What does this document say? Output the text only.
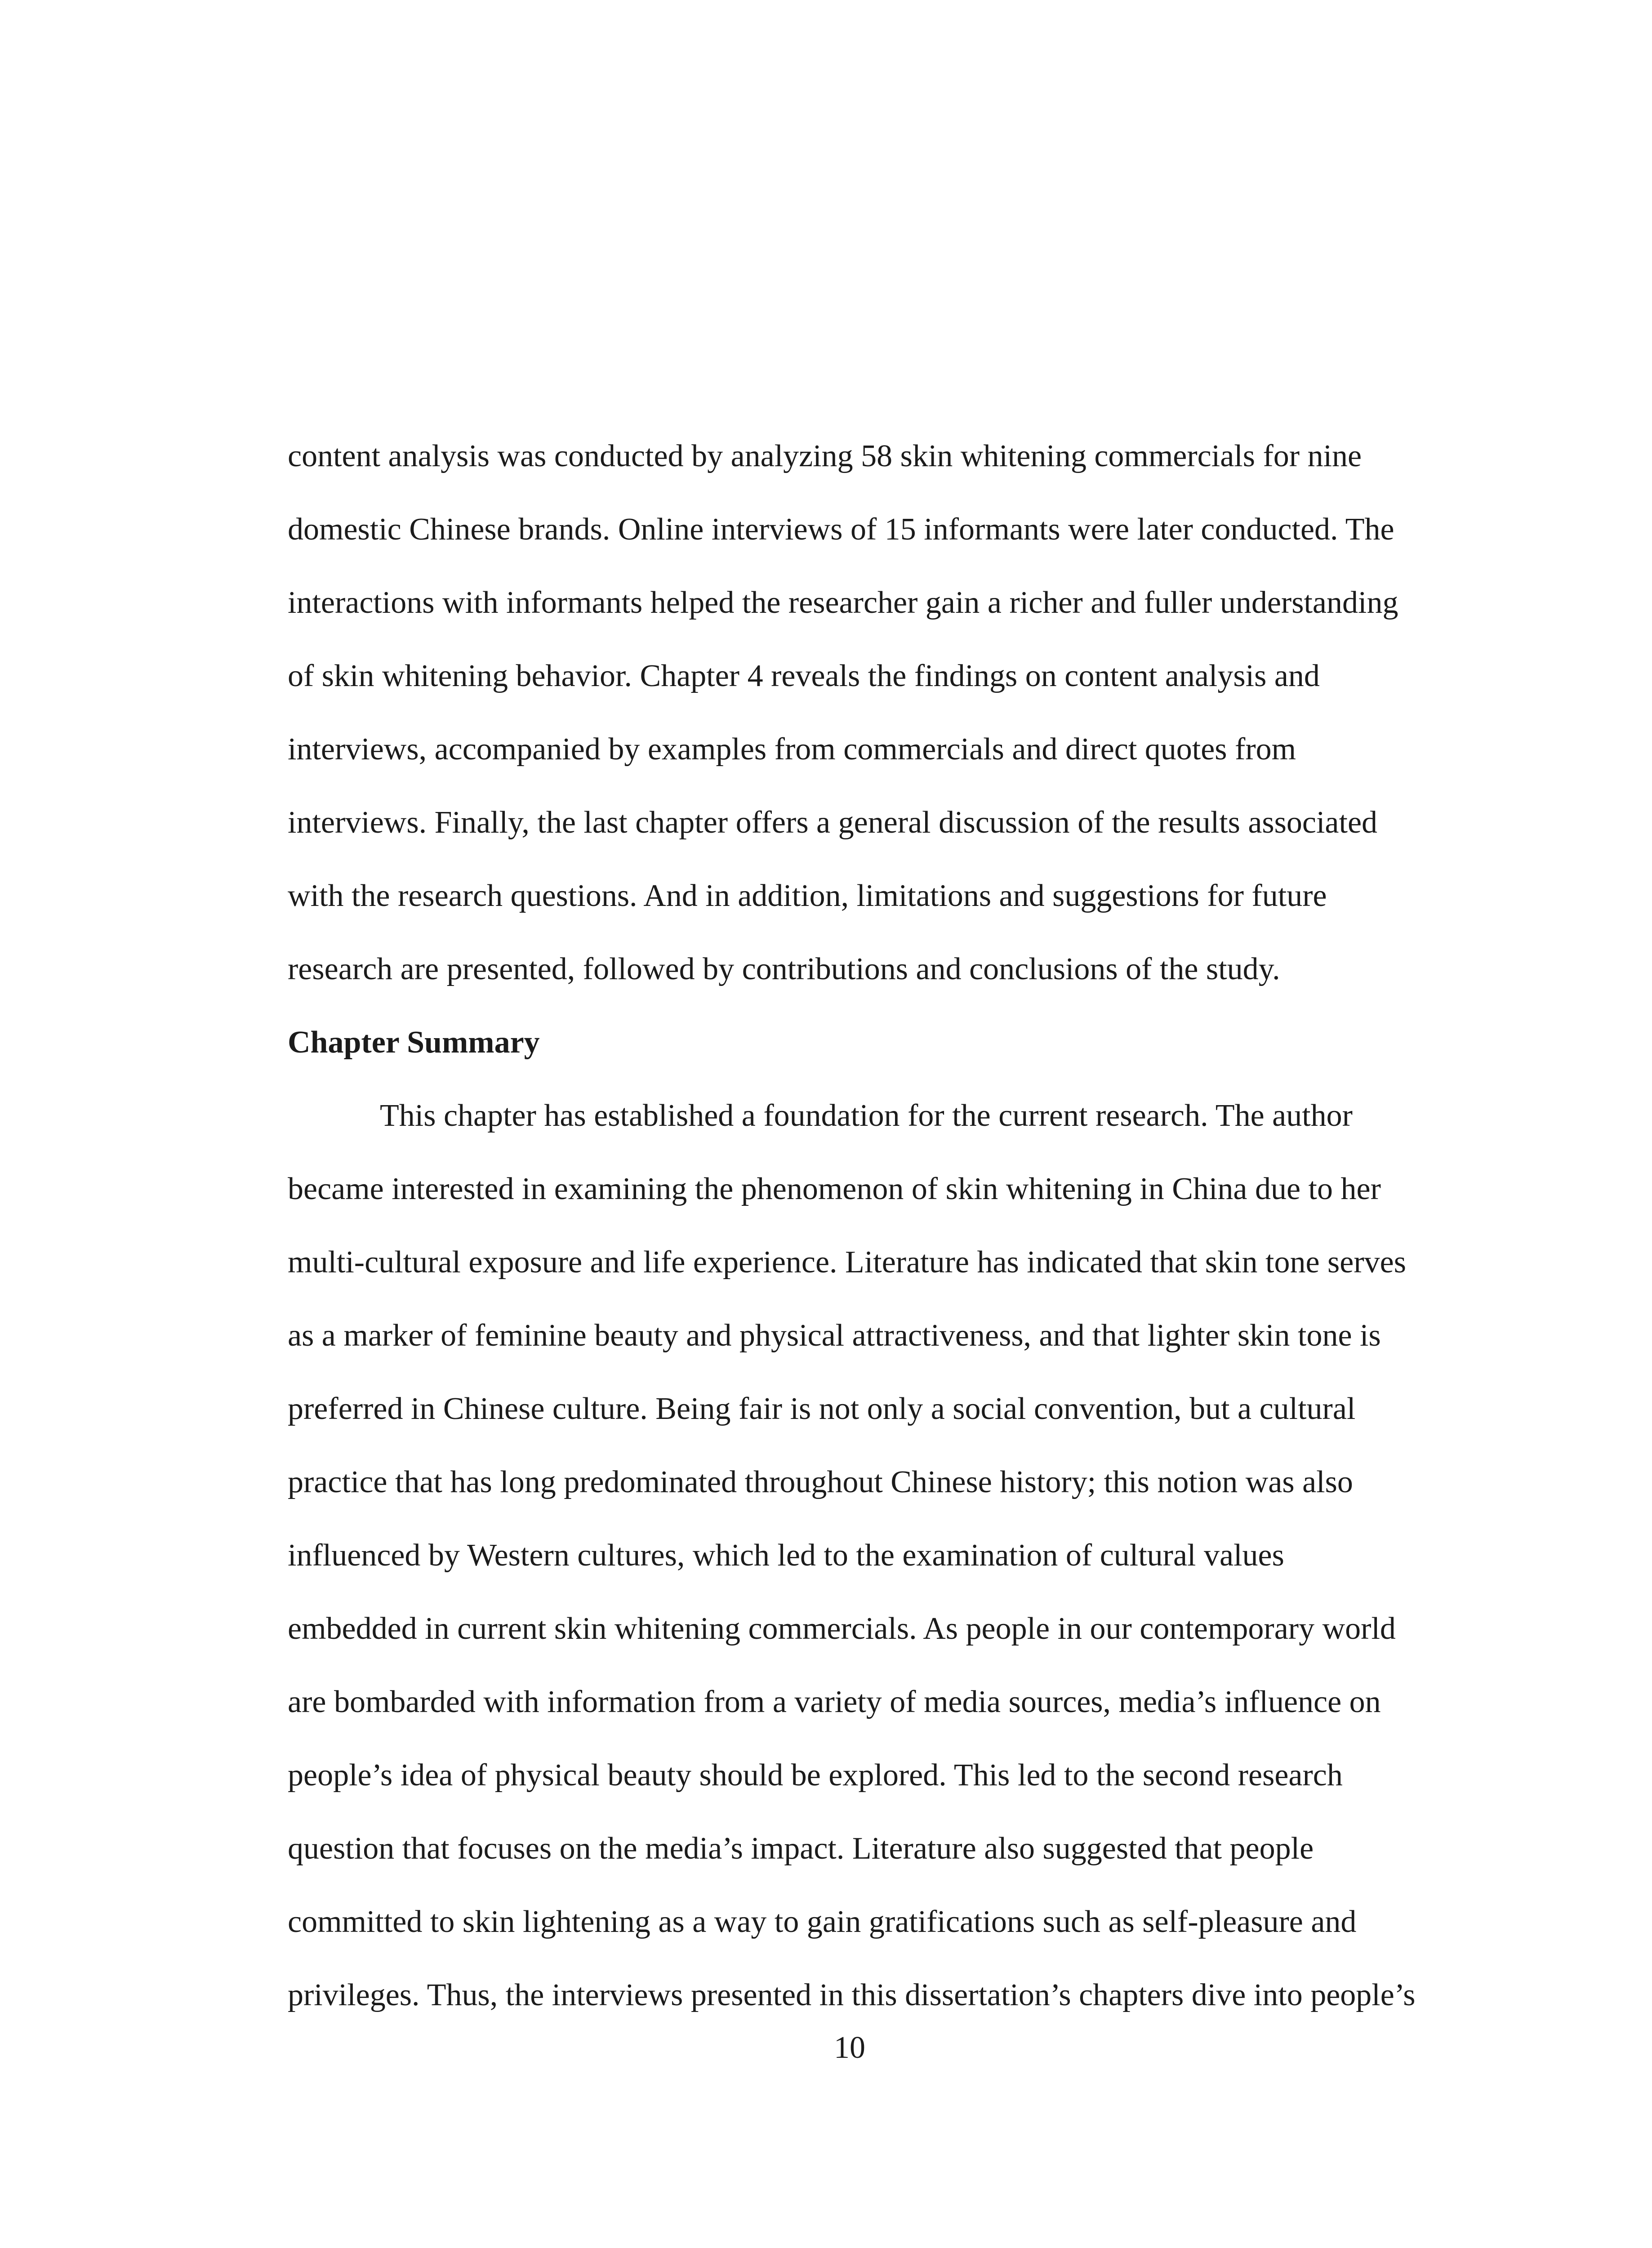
content analysis was conducted by analyzing 58 skin whitening commercials for nine
domestic Chinese brands. Online interviews of 15 informants were later conducted. The
interactions with informants helped the researcher gain a richer and fuller understanding
of skin whitening behavior. Chapter 4 reveals the findings on content analysis and
interviews, accompanied by examples from commercials and direct quotes from
interviews. Finally, the last chapter offers a general discussion of the results associated
with the research questions. And in addition, limitations and suggestions for future
research are presented, followed by contributions and conclusions of the study.
Chapter Summary
This chapter has established a foundation for the current research. The author
became interested in examining the phenomenon of skin whitening in China due to her
multi-cultural exposure and life experience. Literature has indicated that skin tone serves
as a marker of feminine beauty and physical attractiveness, and that lighter skin tone is
preferred in Chinese culture. Being fair is not only a social convention, but a cultural
practice that has long predominated throughout Chinese history; this notion was also
influenced by Western cultures, which led to the examination of cultural values
embedded in current skin whitening commercials. As people in our contemporary world
are bombarded with information from a variety of media sources, media’s influence on
people’s idea of physical beauty should be explored. This led to the second research
question that focuses on the media’s impact. Literature also suggested that people
committed to skin lightening as a way to gain gratifications such as self-pleasure and
privileges. Thus, the interviews presented in this dissertation’s chapters dive into people’s
10
